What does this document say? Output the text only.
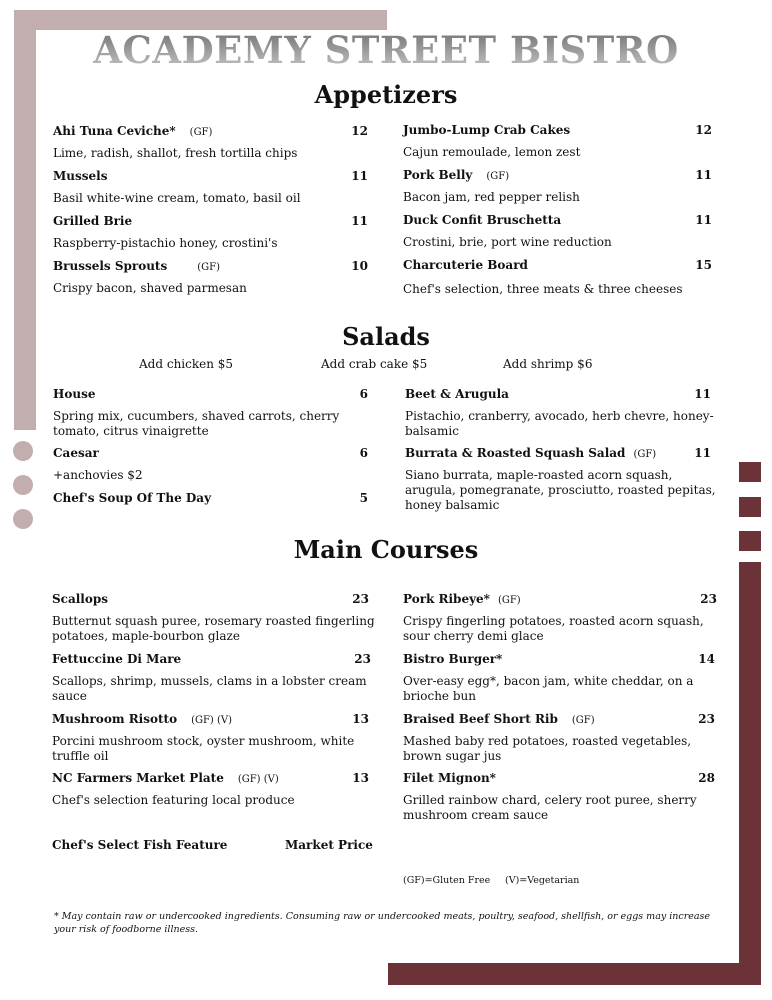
ACADEMY STREET BISTRO
Appetizers
Salads
Main Courses
Ahi Tuna Ceviche* (GF)	12
Lime, radish, shallot, fresh tortilla chips
Mussels	11
Basil white-wine cream, tomato, basil oil
Grilled Brie	11
Raspberry-pistachio honey, crostini's
Brussels Sprouts	(GF)	10
Crispy bacon, shaved parmesan
Jumbo-Lump Crab Cakes	12
Cajun remoulade, lemon zest
Pork Belly (GF)	11
Bacon jam, red pepper relish
Duck Confit Bruschetta	11
Crostini, brie, port wine reduction
Charcuterie Board	15
Chef's selection, three meats & three cheeses
Add chicken $5	Add crab cake $5	Add shrimp $6
House	6
Spring mix, cucumbers, shaved carrots, cherry tomato, citrus vinaigrette
Caesar	6
+anchovies $2
Chef's Soup Of The Day	5
Beet & Arugula	11
Pistachio, cranberry, avocado, herb chevre, honey-balsamic
Burrata & Roasted Squash Salad (GF)	11
Siano burrata, maple-roasted acorn squash, arugula, pomegranate, prosciutto, roasted pepitas, honey balsamic
Scallops	23
Butternut squash puree, rosemary roasted fingerling potatoes, maple-bourbon glaze
Fettuccine Di Mare	23
Scallops, shrimp, mussels, clams in a lobster cream sauce
Mushroom Risotto (GF) (V)	13
Porcini mushroom stock, oyster mushroom, white truffle oil
NC Farmers Market Plate (GF) (V)	13
Chef's selection featuring local produce
Chef's Select Fish Feature	Market Price
Pork Ribeye* (GF)	23
Crispy fingerling potatoes, roasted acorn squash, sour cherry demi glace
Bistro Burger*	14
Over-easy egg*, bacon jam, white cheddar, on a brioche bun
Braised Beef Short Rib (GF)	23
Mashed baby red potatoes, roasted vegetables, brown sugar jus
Filet Mignon*	28
Grilled rainbow chard, celery root puree, sherry mushroom cream sauce
(GF)=Gluten Free (V)=Vegetarian
* May contain raw or undercooked ingredients. Consuming raw or undercooked meats, poultry, seafood, shellfish, or eggs may increase your risk of foodborne illness.
